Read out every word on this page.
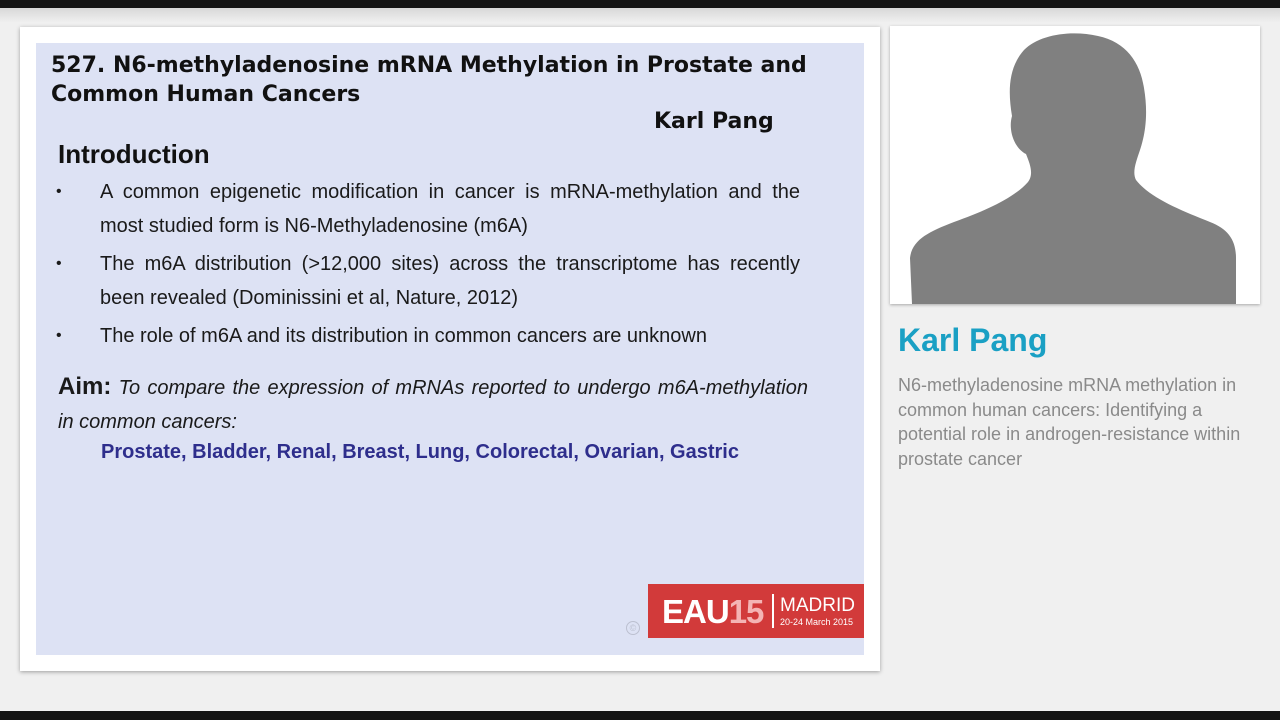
527. N6-methyladenosine mRNA Methylation in Prostate and Common Human Cancers
Karl Pang
Introduction
• A common epigenetic modification in cancer is mRNA-methylation and the most studied form is N6-Methyladenosine (m6A)
• The m6A distribution (>12,000 sites) across the transcriptome has recently been revealed (Dominissini et al, Nature, 2012)
• The role of m6A and its distribution in common cancers are unknown
Aim: To compare the expression of mRNAs reported to undergo m6A-methylation in common cancers:
Prostate, Bladder, Renal, Breast, Lung, Colorectal, Ovarian, Gastric
© EAU15 MADRID
20-24 March 2015
Karl Pang
N6-methyladenosine mRNA methylation in common human cancers: Identifying a potential role in androgen-resistance within prostate cancer
